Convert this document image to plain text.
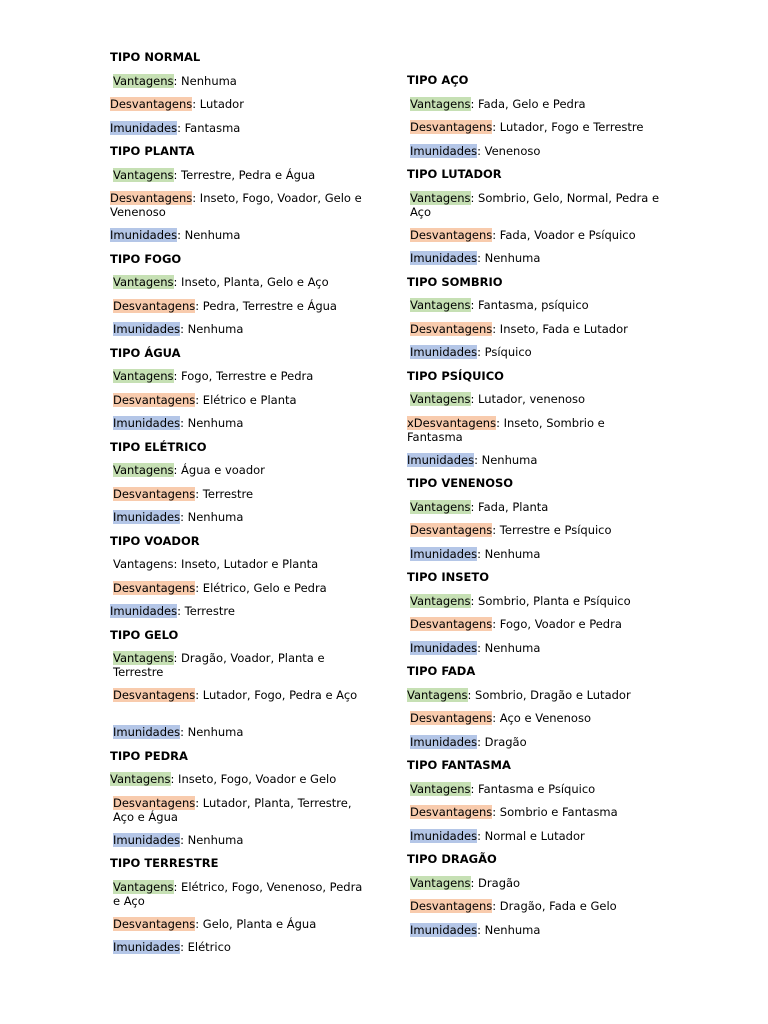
TIPO NORMAL
Vantagens: Nenhuma
Desvantagens: Lutador
Imunidades: Fantasma
TIPO PLANTA
Vantagens: Terrestre, Pedra e Água
Desvantagens: Inseto, Fogo, Voador, Gelo e Venenoso
Imunidades: Nenhuma
TIPO FOGO
Vantagens: Inseto, Planta, Gelo e Aço
Desvantagens: Pedra, Terrestre e Água
Imunidades: Nenhuma
TIPO ÁGUA
Vantagens: Fogo, Terrestre e Pedra
Desvantagens: Elétrico e Planta
Imunidades: Nenhuma
TIPO ELÉTRICO
Vantagens: Água e voador
Desvantagens: Terrestre
Imunidades: Nenhuma
TIPO VOADOR
Vantagens: Inseto, Lutador e Planta
Desvantagens: Elétrico, Gelo e Pedra
Imunidades: Terrestre
TIPO GELO
Vantagens: Dragão, Voador, Planta e Terrestre
Desvantagens: Lutador, Fogo, Pedra e Aço
Imunidades: Nenhuma
TIPO PEDRA
Vantagens: Inseto, Fogo, Voador e Gelo
Desvantagens: Lutador, Planta, Terrestre, Aço e Água
Imunidades: Nenhuma
TIPO TERRESTRE
Vantagens: Elétrico, Fogo, Venenoso, Pedra e Aço
Desvantagens: Gelo, Planta e Água
Imunidades: Elétrico
TIPO AÇO
Vantagens: Fada, Gelo e Pedra
Desvantagens: Lutador, Fogo e Terrestre
Imunidades: Venenoso
TIPO LUTADOR
Vantagens: Sombrio, Gelo, Normal, Pedra e Aço
Desvantagens: Fada, Voador e Psíquico
Imunidades: Nenhuma
TIPO SOMBRIO
Vantagens: Fantasma, psíquico
Desvantagens: Inseto, Fada e Lutador
Imunidades: Psíquico
TIPO PSÍQUICO
Vantagens: Lutador, venenoso
xDesvantagens: Inseto, Sombrio e Fantasma
Imunidades: Nenhuma
TIPO VENENOSO
Vantagens: Fada, Planta
Desvantagens: Terrestre e Psíquico
Imunidades: Nenhuma
TIPO INSETO
Vantagens: Sombrio, Planta e Psíquico
Desvantagens: Fogo, Voador e Pedra
Imunidades: Nenhuma
TIPO FADA
Vantagens: Sombrio, Dragão e Lutador
Desvantagens: Aço e Venenoso
Imunidades: Dragão
TIPO FANTASMA
Vantagens: Fantasma e Psíquico
Desvantagens: Sombrio e Fantasma
Imunidades: Normal e Lutador
TIPO DRAGÃO
Vantagens: Dragão
Desvantagens: Dragão, Fada e Gelo
Imunidades: Nenhuma
